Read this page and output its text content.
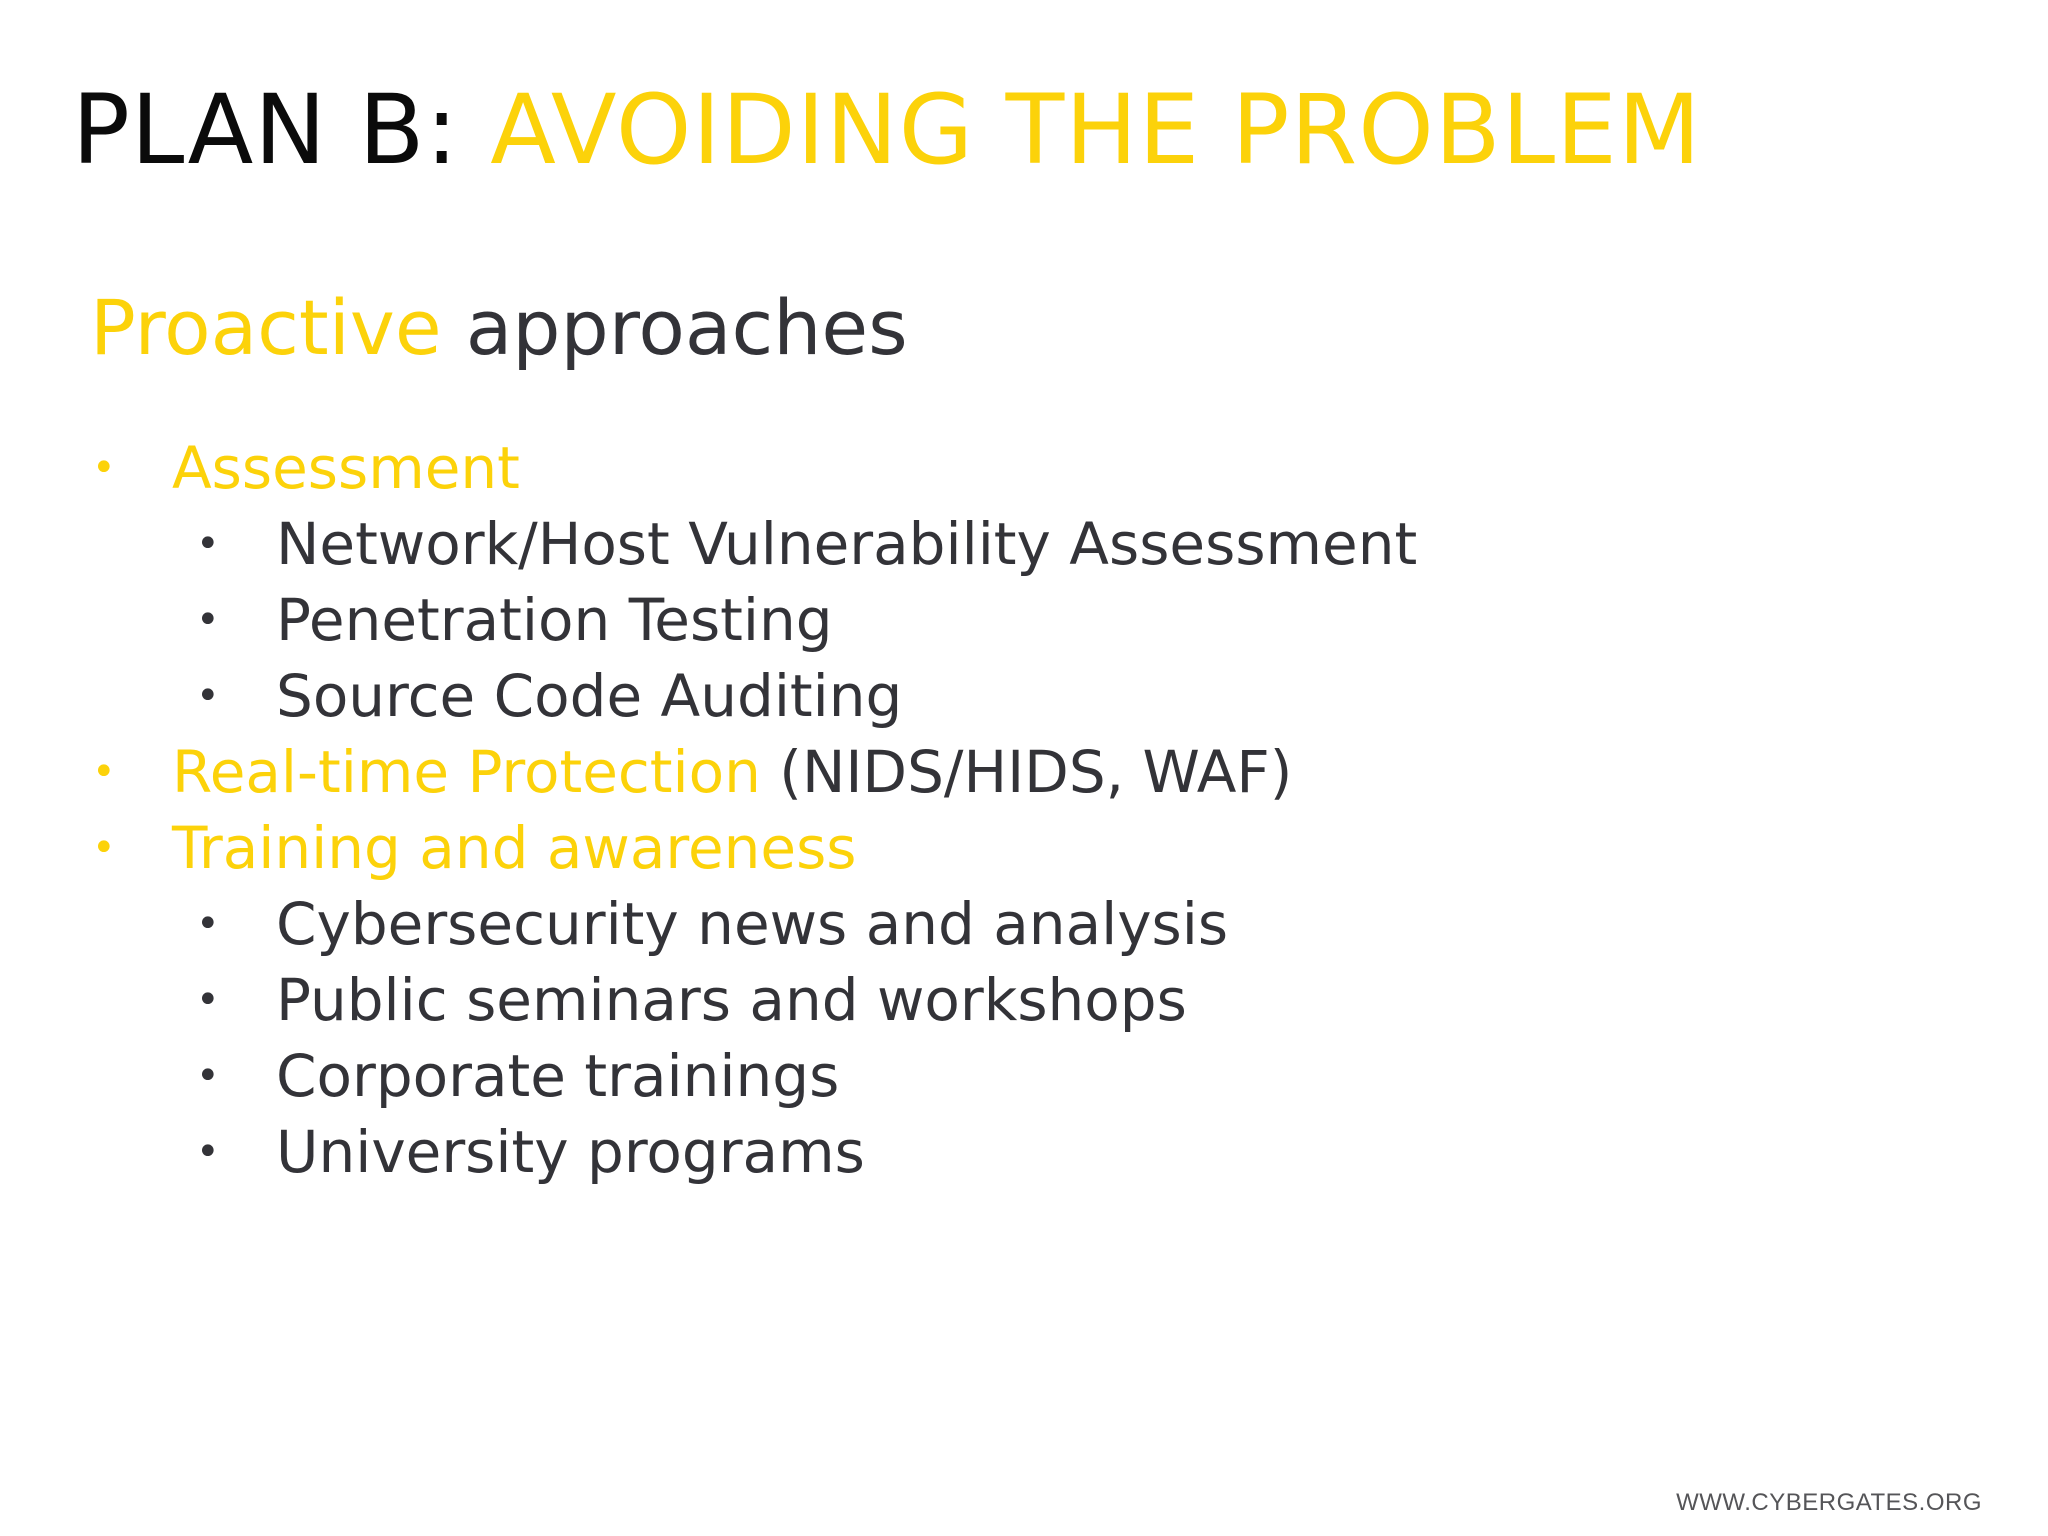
PLAN B: AVOIDING THE PROBLEM
Proactive approaches
• Assessment
• Network/Host Vulnerability Assessment
• Penetration Testing
• Source Code Auditing
• Real-time Protection (NIDS/HIDS, WAF)
• Training and awareness
• Cybersecurity news and analysis
• Public seminars and workshops
• Corporate trainings
• University programs

WWW.CYBERGATES.ORG
